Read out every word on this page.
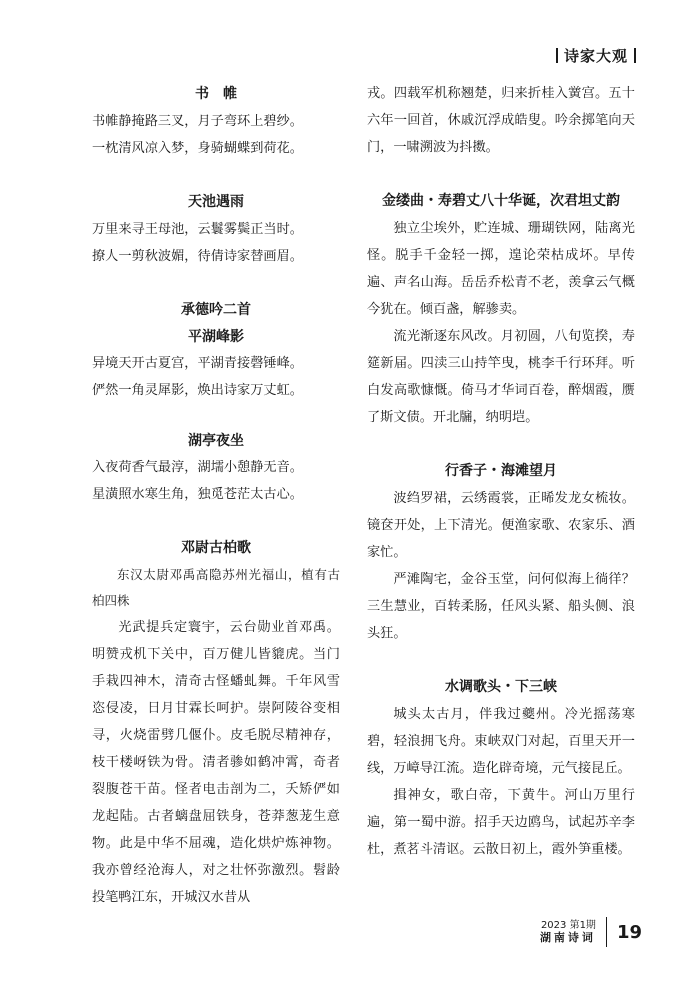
诗家大观
书　帷
书帷静掩路三叉，月子弯环上碧纱。
一枕清风凉入梦，身骑蝴蝶到荷花。
天池遇雨
万里来寻王母池，云鬟雾鬓正当时。
撩人一剪秋波媚，待倩诗家替画眉。
承德吟二首
平湖峰影
异境天开古夏宫，平湖青接磬锤峰。
俨然一角灵犀影，焕出诗家万丈虹。
湖亭夜坐
入夜荷香气最淳，湖壖小憩静无音。
星潢照水寒生角，独觅苍茫太古心。
邓尉古柏歌

东汉太尉邓禹高隐苏州光福山，植有古柏四株

光武提兵定寰宇，云台勋业首邓禹。明赞戎机下关中，百万健儿皆貔虎。当门手栽四神木，清奇古怪蟠虬舞。千年风雪恣侵凌，日月甘霖长呵护。崇阿陵谷变相寻，火烧雷劈几偃仆。皮毛脱尽精神存，枝干楼岈铁为骨。清者骖如鹤冲霄，奇者裂腹苍干苗。怪者电击剖为二，夭矫俨如龙起陆。古者螭盘屈铁身，苍莽葱茏生意物。此是中华不屈魂，造化烘炉炼神物。我亦曾经沧海人，对之壮怀弥激烈。髫龄投笔鸭江东，开城汉水昔从

戎。四载军机称翘楚，归来折桂入黉宫。五十六年一回首，休戚沉浮成皓叟。吟余掷笔向天门，一啸溯波为抖擞。

金缕曲・寿碧丈八十华诞，次君坦丈韵

独立尘埃外，贮连城、珊瑚铁网，陆离光怪。脱手千金轻一掷，遑论荣枯成坏。早传遍、声名山海。岳岳乔松青不老，羡拿云气概今犹在。倾百盏，解骖卖。

流光渐逐东风改。月初圆，八旬览揆，寿筵新届。四渎三山持竿曳，桃李千行环拜。听白发高歌慷慨。倚马才华词百卷，醉烟霞，赝了斯文债。开北牖，纳明垲。

行香子・海滩望月

波绉罗裙，云绣霞裳，正晞发龙女梳妆。镜奁开处，上下清光。便渔家歌、农家乐、酒家忙。

严滩陶宅，金谷玉堂，问何似海上徜徉？三生慧业，百转柔肠，任风头紧、船头侧、浪头狂。

水调歌头・下三峡

城头太古月，伴我过夔州。冷光摇荡寒碧，轻浪拥飞舟。束峡双门对起，百里天开一线，万嶂导江流。造化辟奇境，元气接昆丘。

揖神女，歌白帝，下黄牛。河山万里行遍，第一蜀中游。招手天边鸥鸟，试起苏辛李杜，煮茗斗清讴。云散日初上，霞外笋重楼。

2023 第1期
湖南诗词 19
